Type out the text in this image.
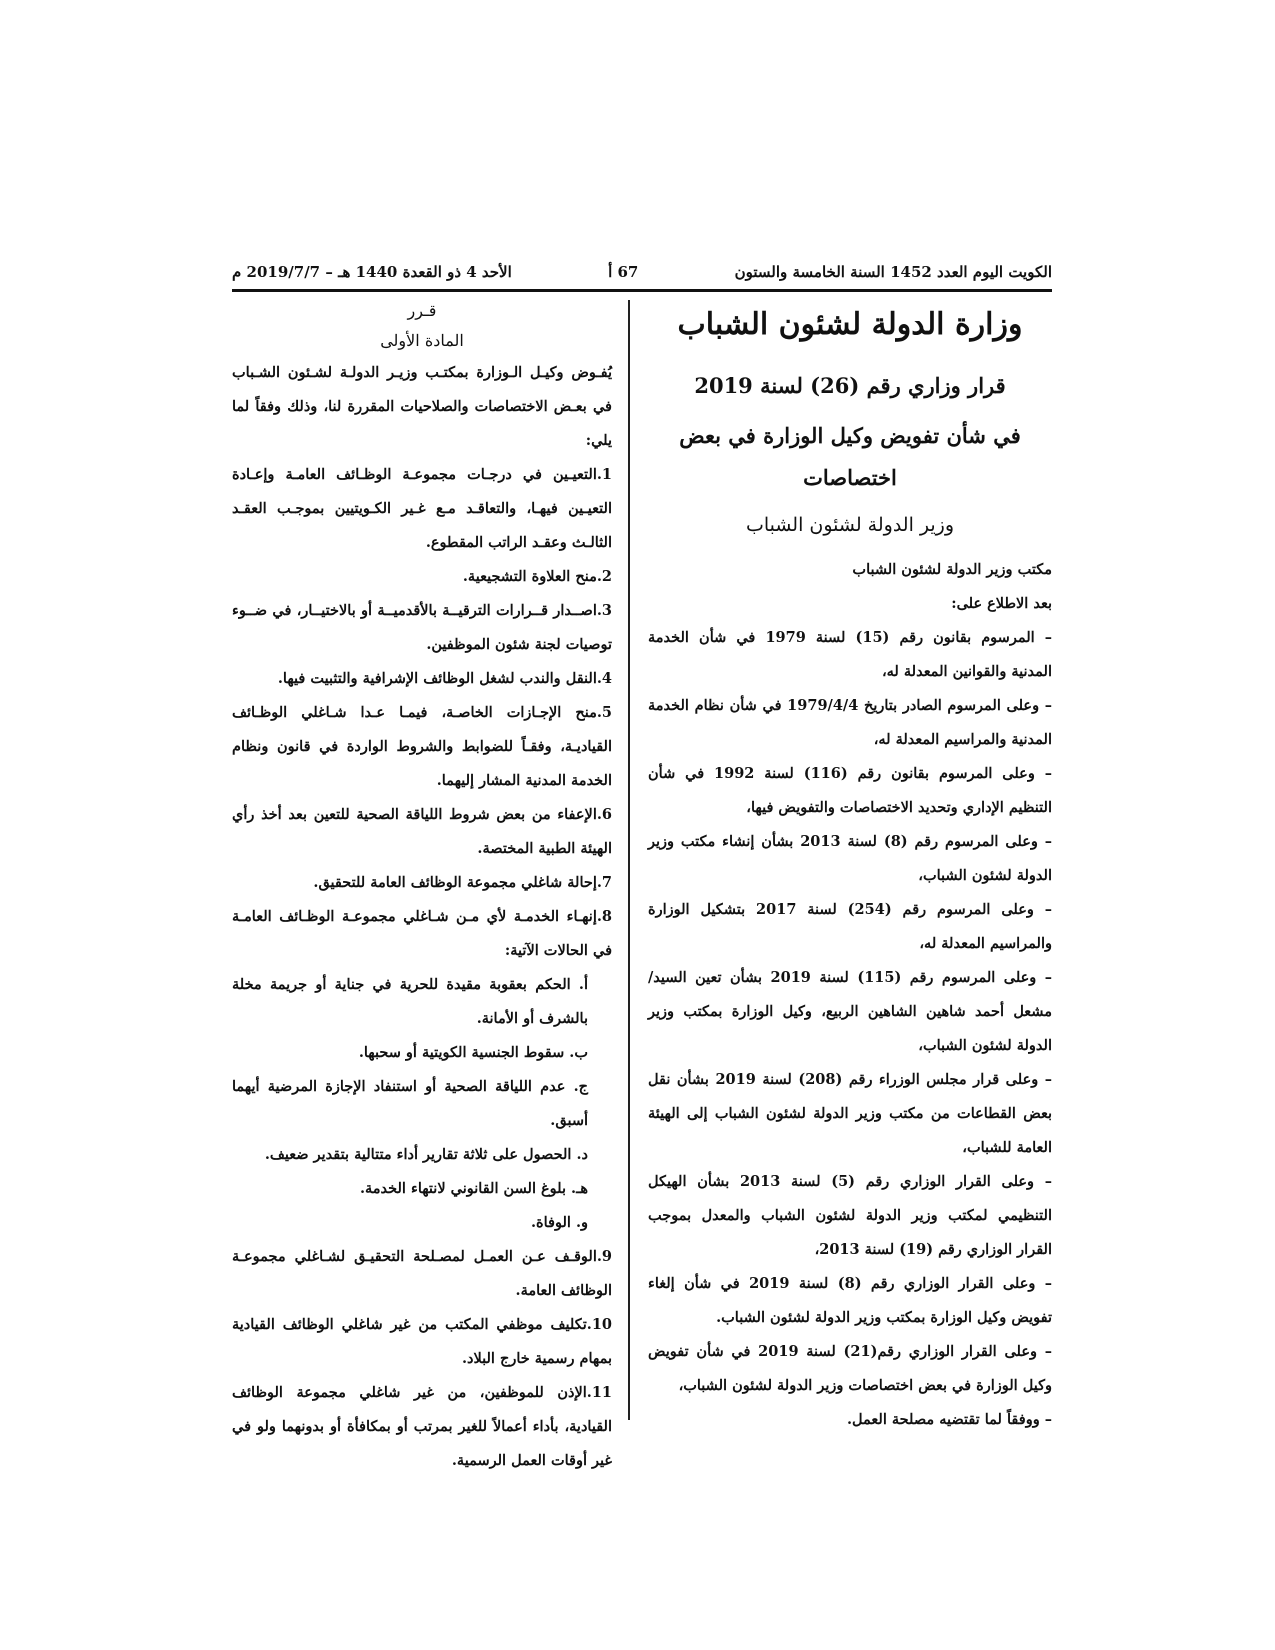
الكويت اليوم العدد 1452 السنة الخامسة والستون
67 أ
الأحد 4 ذو القعدة 1440 هـ – 2019/7/7 م
وزارة الدولة لشئون الشباب
قرار وزاري رقم (26) لسنة 2019
في شأن تفويض وكيل الوزارة في بعض اختصاصات
وزير الدولة لشئون الشباب

مكتب وزير الدولة لشئون الشباب

بعد الاطلاع على:

– المرسوم بقانون رقم (15) لسنة 1979 في شأن الخدمة المدنية والقوانين المعدلة له،

– وعلى المرسوم الصادر بتاريخ 1979/4/4 في شأن نظام الخدمة المدنية والمراسيم المعدلة له،

– وعلى المرسوم بقانون رقم (116) لسنة 1992 في شأن التنظيم الإداري وتحديد الاختصاصات والتفويض فيها،

– وعلى المرسوم رقم (8) لسنة 2013 بشأن إنشاء مكتب وزير الدولة لشئون الشباب،

– وعلى المرسوم رقم (254) لسنة 2017 بتشكيل الوزارة والمراسيم المعدلة له،

– وعلى المرسوم رقم (115) لسنة 2019 بشأن تعين السيد/ مشعل أحمد شاهين الشاهين الربيع، وكيل الوزارة بمكتب وزير الدولة لشئون الشباب،

– وعلى قرار مجلس الوزراء رقم (208) لسنة 2019 بشأن نقل بعض القطاعات من مكتب وزير الدولة لشئون الشباب إلى الهيئة العامة للشباب،

– وعلى القرار الوزاري رقم (5) لسنة 2013 بشأن الهيكل التنظيمي لمكتب وزير الدولة لشئون الشباب والمعدل بموجب القرار الوزاري رقم (19) لسنة 2013،

– وعلى القرار الوزاري رقم (8) لسنة 2019 في شأن إلغاء تفويض وكيل الوزارة بمكتب وزير الدولة لشئون الشباب.

– وعلى القرار الوزاري رقم(21) لسنة 2019 في شأن تفويض وكيل الوزارة في بعض اختصاصات وزير الدولة لشئون الشباب،

– ووفقاً لما تقتضيه مصلحة العمل.

قـرر

المادة الأولى

يُفـوض وكيـل الـوزارة بمكتـب وزيـر الدولـة لشـئون الشـباب في بعـض الاختصاصات والصلاحيات المقررة لنا، وذلك وفقاً لما يلي:

1.التعيـين في درجـات مجموعـة الوظـائف العامـة وإعـادة التعيـين فيهـا، والتعاقـد مـع غـير الكـويتيين بموجـب العقـد الثالـث وعقـد الراتب المقطوع.

2.منح العلاوة التشجيعية.

3.اصــدار قــرارات الترقيــة بالأقدميــة أو بالاختيــار، في ضــوء توصيات لجنة شئون الموظفين.

4.النقل والندب لشغل الوظائف الإشرافية والتثبيت فيها.

5.منح الإجـازات الخاصـة، فيمـا عـدا شـاغلي الوظـائف القياديـة، وفقـاً للضوابط والشروط الواردة في قانون ونظام الخدمة المدنية المشار إليهما.

6.الإعفاء من بعض شروط اللياقة الصحية للتعين بعد أخذ رأي الهيئة الطبية المختصة.

7.إحالة شاغلي مجموعة الوظائف العامة للتحقيق.

8.إنهـاء الخدمـة لأي مـن شـاغلي مجموعـة الوظـائف العامـة في الحالات الآتية:

أ. الحكم بعقوبة مقيدة للحرية في جناية أو جريمة مخلة بالشرف أو الأمانة.

ب. سقوط الجنسية الكويتية أو سحبها.

ج. عدم اللياقة الصحية أو استنفاد الإجازة المرضية أيهما أسبق.

د. الحصول على ثلاثة تقارير أداء متتالية بتقدير ضعيف.

هـ. بلوغ السن القانوني لانتهاء الخدمة.

و. الوفاة.

9.الوقـف عـن العمـل لمصـلحة التحقيـق لشـاغلي مجموعـة الوظائف العامة.

10.تكليف موظفي المكتب من غير شاغلي الوظائف القيادية بمهام رسمية خارج البلاد.

11.الإذن للموظفين، من غير شاغلي مجموعة الوظائف القيادية، بأداء أعمالاً للغير بمرتب أو بمكافأة أو بدونهما ولو في غير أوقات العمل الرسمية.
